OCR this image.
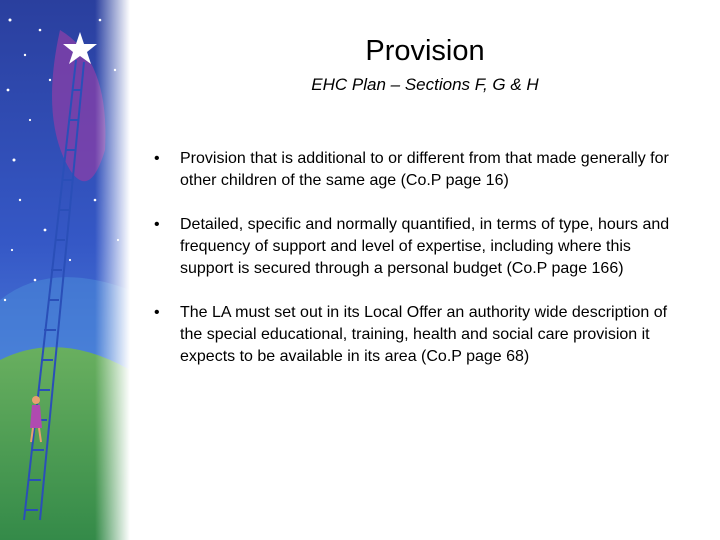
Provision
EHC Plan – Sections F, G & H
• Provision that is additional to or different from that made generally for other children of the same age (Co.P page 16)
• Detailed, specific and normally quantified, in terms of type, hours and frequency of support and level of expertise, including where this support is secured through a personal budget (Co.P page 166)
• The LA must set out in its Local Offer an authority wide description of the special educational, training, health and social care provision it expects to be available in its area (Co.P page 68)
